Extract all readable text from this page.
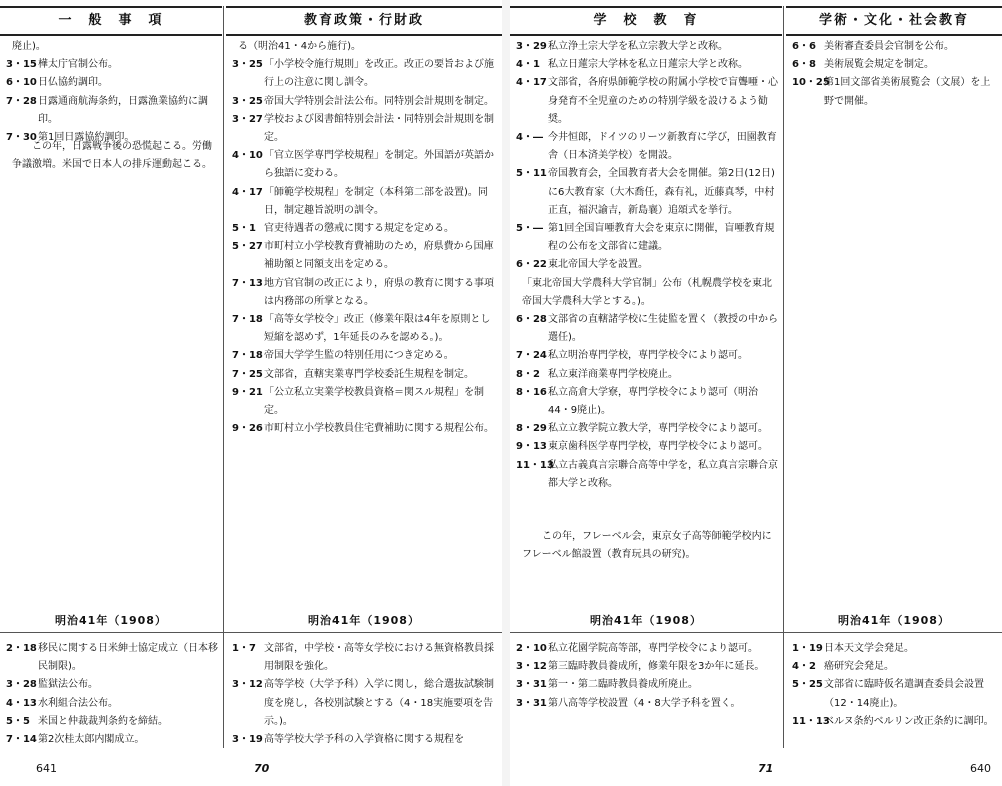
一　般　事　項
廃止)。
3・15 樺太庁官制公布。
6・10 日仏協約調印。
7・28 日露通商航海条約，日露漁業協約に調印。
7・30 第1回日露協約調印。
この年，日露戦争後の恐慌起こる。労働争議激増。米国で日本人の排斥運動起こる。
明治41年（1908）
2・18 移民に関する日米紳士協定成立（日本移民制限)。
3・28 監獄法公布。
4・13 水利組合法公布。
5・5 米国と仲裁裁判条約を締結。
7・14 第2次桂太郎内閣成立。
教育政策・行財政
る（明治41・4から施行)。
3・25 「小学校令施行規則」を改正。改正の要旨および施行上の注意に関し訓令。
3・25 帝国大学特別会計法公布。同特別会計規則を制定。
3・27 学校および図書館特別会計法・同特別会計規則を制定。
4・10 「官立医学専門学校規程」を制定。外国語が英語から独語に変わる。
4・17 「師範学校規程」を制定（本科第二部を設置)。同日，制定趣旨説明の訓令。
5・1 官吏待遇者の懲戒に関する規定を定める。
5・27 市町村立小学校教育費補助のため，府県費から国庫補助額と同額支出を定める。
7・13 地方官官制の改正により，府県の教育に関する事項は内務部の所掌となる。
7・18 「高等女学校令」改正（修業年限は4年を原則とし短縮を認めず，1年延長のみを認める。)。
7・18 帝国大学学生監の特別任用につき定める。
7・25 文部省，直轄実業専門学校委託生規程を制定。
9・21 「公立私立実業学校教員資格＝関スル規程」を制定。
9・26 市町村立小学校教員住宅費補助に関する規程公布。
明治41年（1908）
1・7 文部省，中学校・高等女学校における無資格教員採用制限を強化。
3・12 高等学校（大学予科）入学に関し，総合選抜試験制度を廃し，各校別試験とする（4・18実施要項を告示。)。
3・19 高等学校大学予科の入学資格に関する規程を
641	70
学　校　教　育
3・29 私立浄土宗大学を私立宗教大学と改称。
4・1 私立日蓮宗大学林を私立日蓮宗大学と改称。
4・17 文部省，各府県師範学校の附属小学校で盲聾唖・心身発育不全児童のための特別学級を設けるよう勧奨。
4・― 今井恒郎，ドイツのリーツ新教育に学び，田園教育舎（日本済美学校）を開設。
5・11 帝国教育会，全国教育者大会を開催。第2日(12日)に6大教育家（大木喬任，森有礼，近藤真琴，中村正直，福沢諭吉，新島襄）追頌式を挙行。
5・― 第1回全国盲唖教育大会を東京に開催，盲唖教育規程の公布を文部省に建議。
6・22 東北帝国大学を設置。
「東北帝国大学農科大学官制」公布（札幌農学校を東北帝国大学農科大学とする。)。
6・28 文部省の直轄諸学校に生徒監を置く（教授の中から選任)。
7・24 私立明治専門学校，専門学校令により認可。
8・2 私立東洋商業専門学校廃止。
8・16 私立高倉大学寮，専門学校令により認可（明治44・9廃止)。
8・29 私立立教学院立教大学，専門学校令により認可。
9・13 東京歯科医学専門学校，専門学校令により認可。
11・13
私立古義真言宗聯合高等中学を，私立真言宗聯合京都大学と改称。
この年，フレーベル会，東京女子高等師範学校内にフレーベル館設置（教育玩具の研究)。
明治41年（1908）
2・10 私立花園学院高等部，専門学校令により認可。
3・12 第三臨時教員養成所，修業年限を3か年に延長。
3・31 第一・第二臨時教員養成所廃止。
3・31 第八高等学校設置（4・8大学予科を置く。
学術・文化・社会教育
6・6 美術審査委員会官制を公布。
6・8 美術展覧会規定を制定。
10・25
第1回文部省美術展覧会（文展）を上野で開催。
明治41年（1908）
1・19 日本天文学会発足。
4・2 癌研究会発足。
5・25 文部省に臨時仮名遣調査委員会設置（12・14廃止)。
11・13
ベルヌ条約ベルリン改正条約に調印。
71	640
